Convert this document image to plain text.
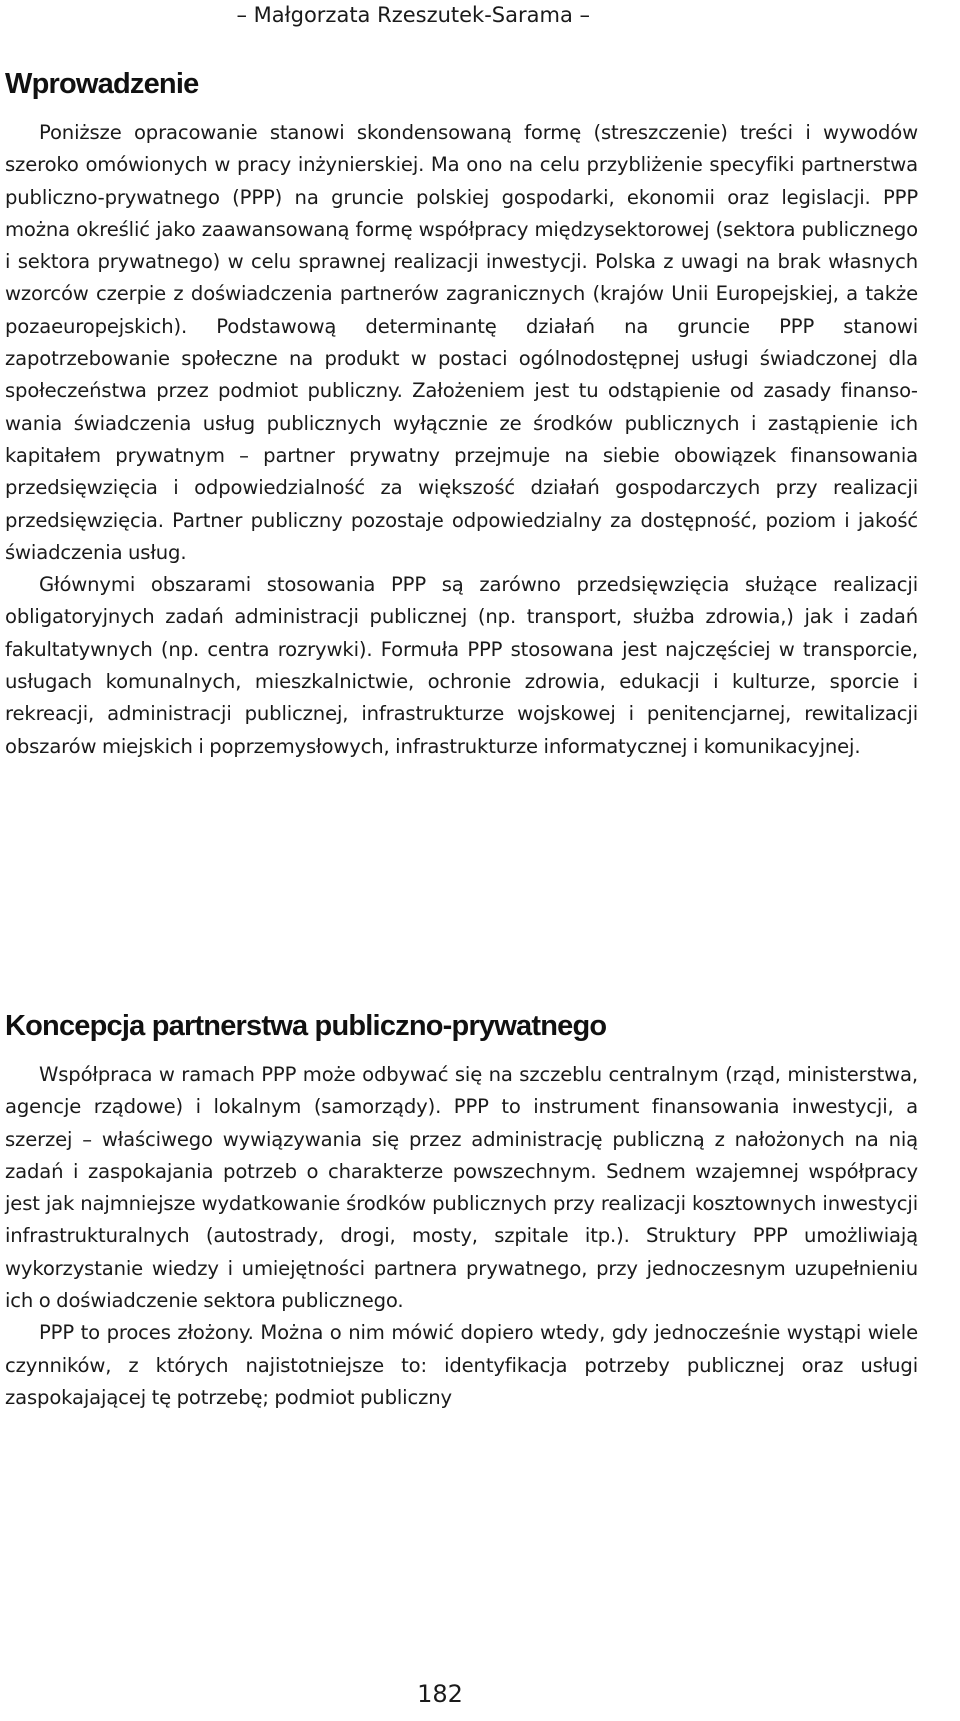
– Małgorzata Rzeszutek-Sarama –
Wprowadzenie

Poniższe opracowanie stanowi skondensowaną formę (streszczenie) treści i wywodów szeroko omówionych w pracy inżynierskiej. Ma ono na celu przybliżenie specyfiki partnerstwa publiczno-prywatnego (PPP) na gruncie polskiej gospodarki, ekonomii oraz legislacji. PPP można określić jako zaawansowaną formę współpracy międzysektorowej (sektora publicznego i sektora prywatnego) w celu sprawnej realizacji inwestycji. Polska z uwagi na brak własnych wzorców czerpie z doświadczenia partnerów zagranicznych (krajów Unii Europejskiej, a także pozaeuropejskich). Podstawową determinantę działań na gruncie PPP stanowi zapotrzebowanie społeczne na produkt w postaci ogólnodostępnej usługi świadczonej dla społeczeństwa przez podmiot publiczny. Założeniem jest tu odstąpienie od zasady finansowania świadczenia usług publicznych wyłącznie ze środków publicznych i zastąpienie ich kapitałem prywatnym – partner prywatny przejmuje na siebie obowiązek finansowania przedsięwzięcia i odpowiedzialność za większość działań gospodarczych przy realizacji przedsięwzięcia. Partner publiczny pozostaje odpowiedzialny za dostępność, poziom i jakość świadczenia usług.

Głównymi obszarami stosowania PPP są zarówno przedsięwzięcia służące realizacji obligatoryjnych zadań administracji publicznej (np. transport, służba zdrowia,) jak i zadań fakultatywnych (np. centra rozrywki). Formuła PPP stosowana jest najczęściej w transporcie, usługach komunalnych, mieszkalnictwie, ochronie zdrowia, edukacji i kulturze, sporcie i rekreacji, administracji publicznej, infrastrukturze wojskowej i penitencjarnej, rewitalizacji obszarów miejskich i poprzemysłowych, infrastrukturze informatycznej i komunikacyjnej.

Koncepcja partnerstwa publiczno-prywatnego

Współpraca w ramach PPP może odbywać się na szczeblu centralnym (rząd, ministerstwa, agencje rządowe) i lokalnym (samorządy). PPP to instrument finansowania inwestycji, a szerzej – właściwego wywiązywania się przez administrację publiczną z nałożonych na nią zadań i zaspokajania potrzeb o charakterze powszechnym. Sednem wzajemnej współpracy jest jak najmniejsze wydatkowanie środków publicznych przy realizacji kosztownych inwestycji infrastrukturalnych (autostrady, drogi, mosty, szpitale itp.). Struktury PPP umożliwiają wykorzystanie wiedzy i umiejętności partnera prywatnego, przy jednoczesnym uzupełnieniu ich o doświadczenie sektora publicznego.

PPP to proces złożony. Można o nim mówić dopiero wtedy, gdy jednocześnie wystąpi wiele czynników, z których najistotniejsze to: identyfikacja potrzeby publicznej oraz usługi zaspokajającej tę potrzebę; podmiot publiczny

182
